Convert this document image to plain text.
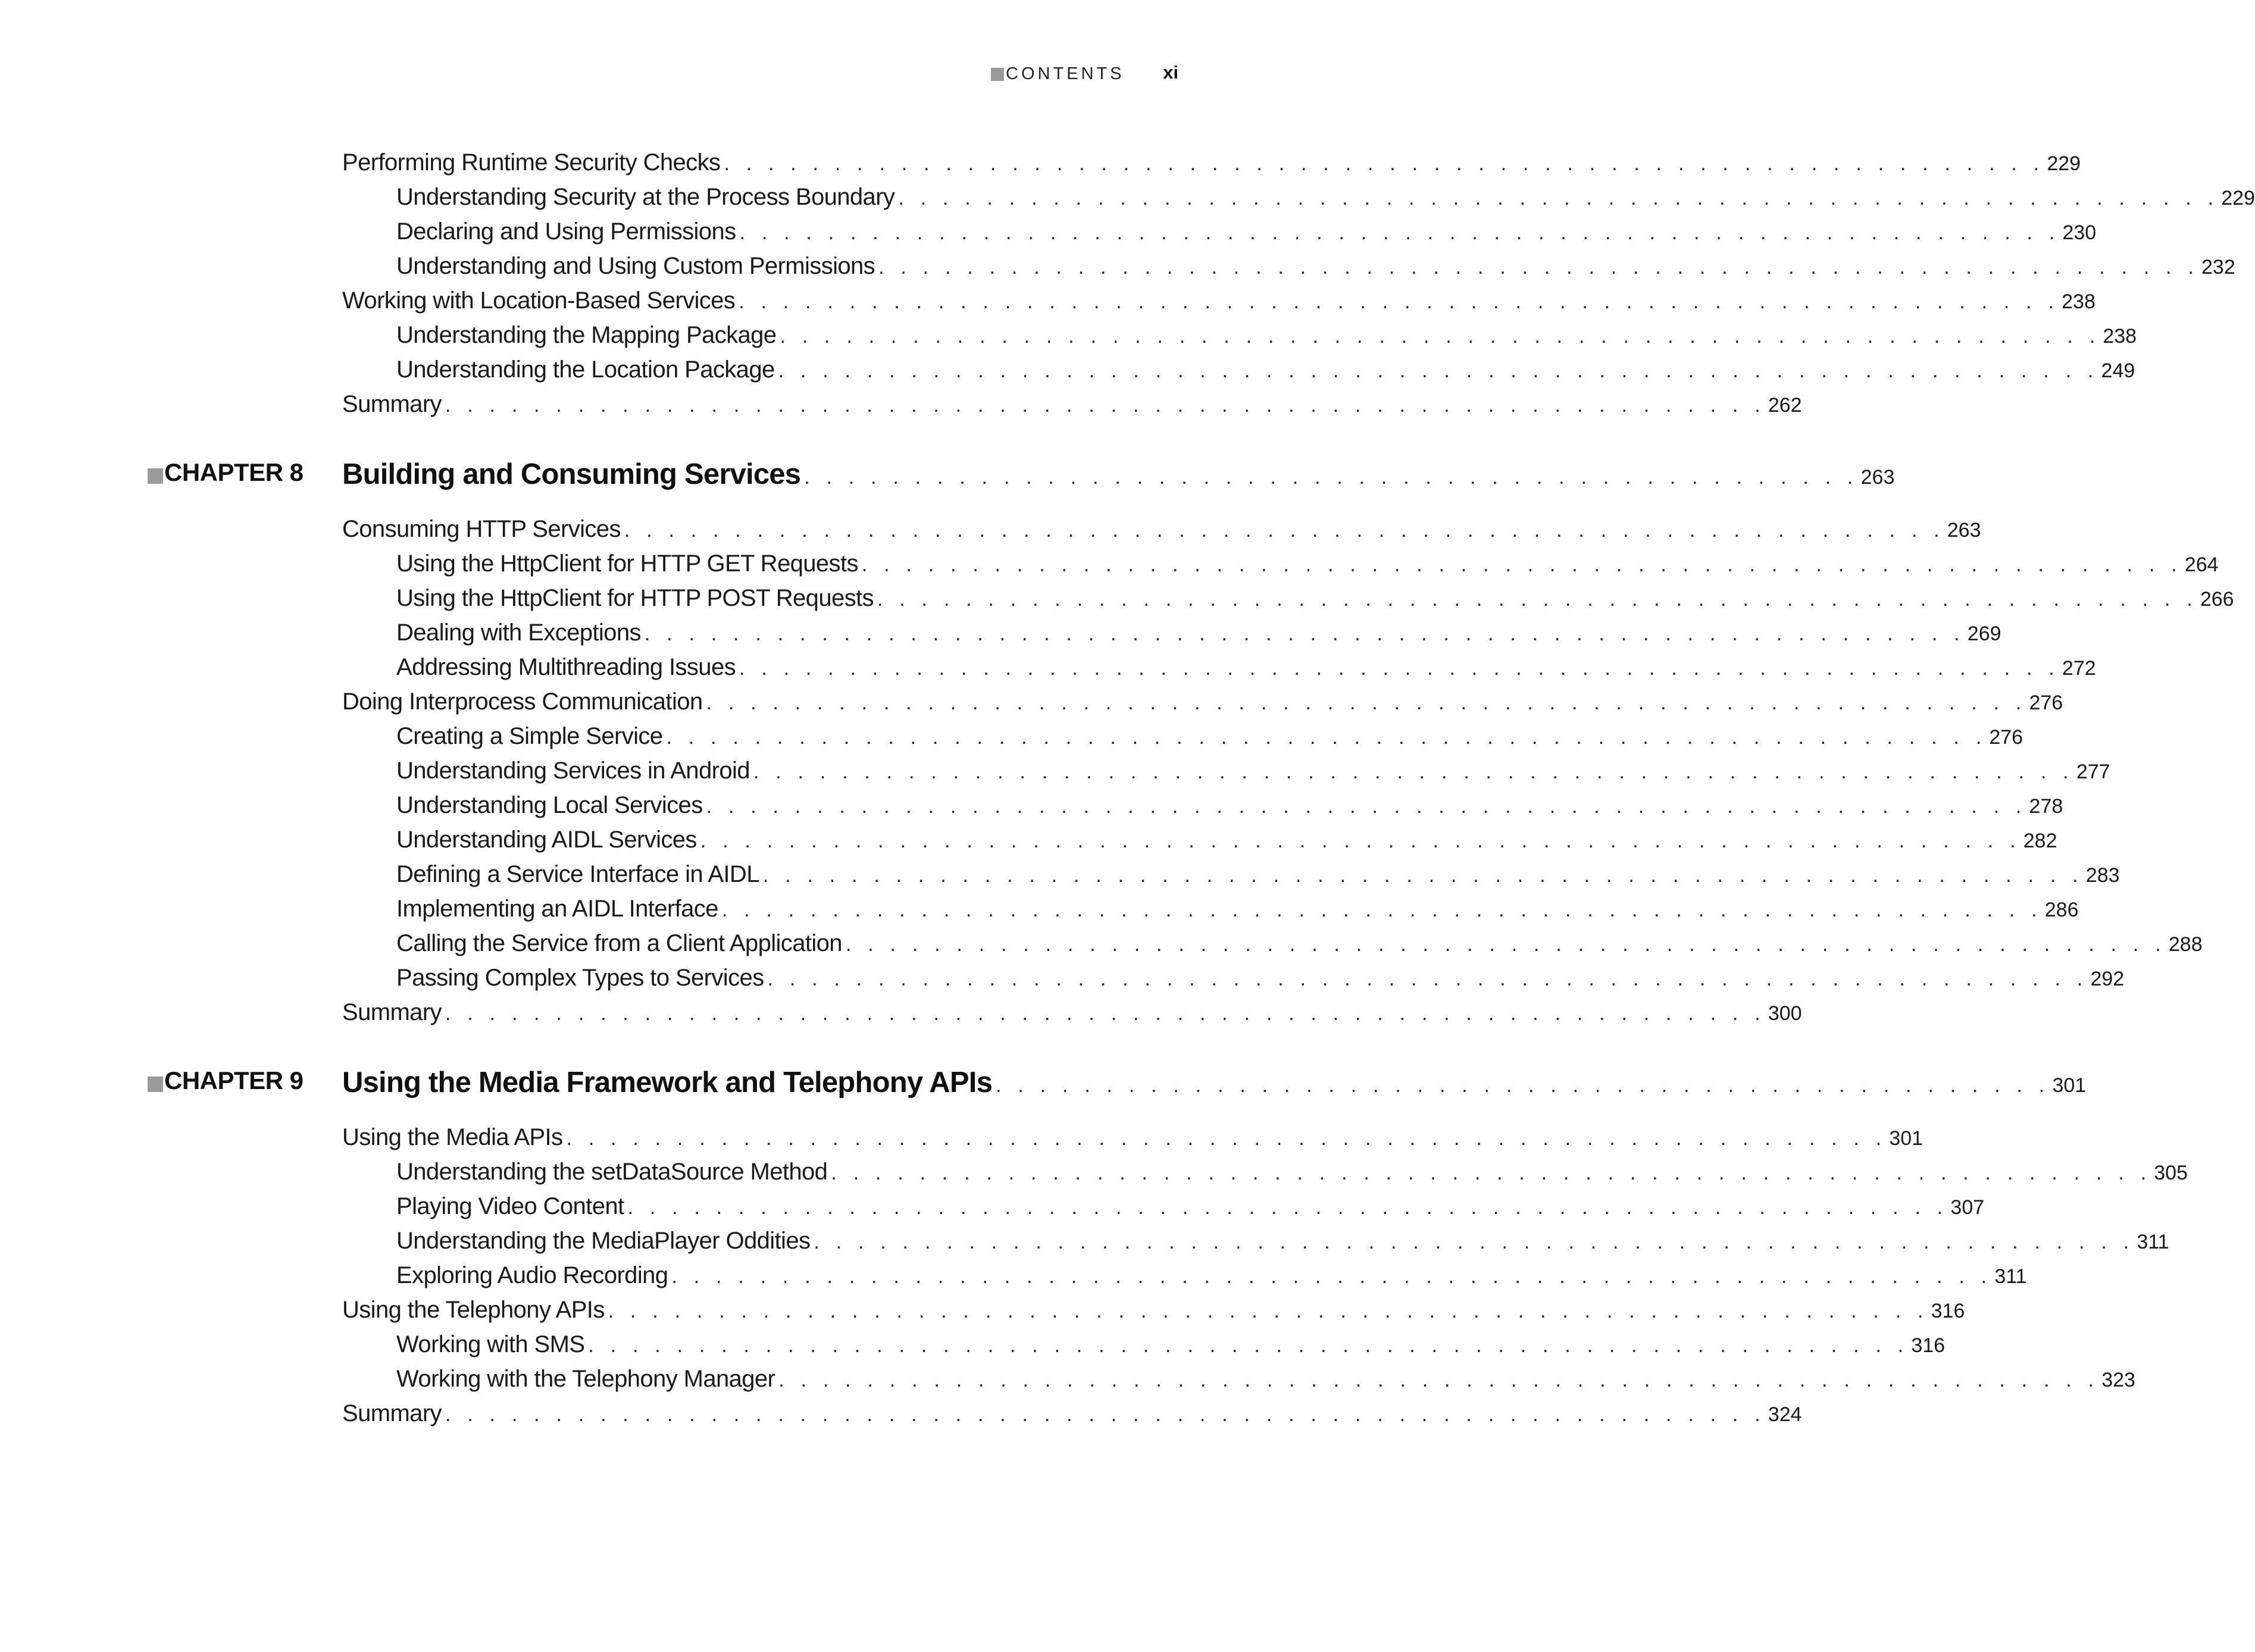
CONTENTS xi
Performing Runtime Security Checks . . . . . . . . . . . . . . . . . . . . . . . . . . . . . . . . . . . . . . . . . . . . . . . . . . . . . . . . . . . . 229
Understanding Security at the Process Boundary . . . . . . . . . . . . . . . . . . . . . . . . . . . . . . . . . . . . . . . . . . . . . . . . . . . . . . . . . . . . 229
Declaring and Using Permissions . . . . . . . . . . . . . . . . . . . . . . . . . . . . . . . . . . . . . . . . . . . . . . . . . . . . . . . . . . . . 230
Understanding and Using Custom Permissions . . . . . . . . . . . . . . . . . . . . . . . . . . . . . . . . . . . . . . . . . . . . . . . . . . . . . . . . . . . . 232
Working with Location-Based Services . . . . . . . . . . . . . . . . . . . . . . . . . . . . . . . . . . . . . . . . . . . . . . . . . . . . . . . . . . . . 238
Understanding the Mapping Package . . . . . . . . . . . . . . . . . . . . . . . . . . . . . . . . . . . . . . . . . . . . . . . . . . . . . . . . . . . . 238
Understanding the Location Package . . . . . . . . . . . . . . . . . . . . . . . . . . . . . . . . . . . . . . . . . . . . . . . . . . . . . . . . . . . . 249
Summary . . . . . . . . . . . . . . . . . . . . . . . . . . . . . . . . . . . . . . . . . . . . . . . . . . . . . . . . . . . . 262
CHAPTER 8 Building and Consuming Services . . . . . . . . . . . . . . . . . . . . . . . . . . . . . . . . . . . . . . . . . . . . . . . . 263
Consuming HTTP Services . . . . . . . . . . . . . . . . . . . . . . . . . . . . . . . . . . . . . . . . . . . . . . . . . . . . . . . . . . . . 263
Using the HttpClient for HTTP GET Requests . . . . . . . . . . . . . . . . . . . . . . . . . . . . . . . . . . . . . . . . . . . . . . . . . . . . . . . . . . . . 264
Using the HttpClient for HTTP POST Requests . . . . . . . . . . . . . . . . . . . . . . . . . . . . . . . . . . . . . . . . . . . . . . . . . . . . . . . . . . . . 266
Dealing with Exceptions . . . . . . . . . . . . . . . . . . . . . . . . . . . . . . . . . . . . . . . . . . . . . . . . . . . . . . . . . . . . 269
Addressing Multithreading Issues . . . . . . . . . . . . . . . . . . . . . . . . . . . . . . . . . . . . . . . . . . . . . . . . . . . . . . . . . . . . 272
Doing Interprocess Communication . . . . . . . . . . . . . . . . . . . . . . . . . . . . . . . . . . . . . . . . . . . . . . . . . . . . . . . . . . . . 276
Creating a Simple Service . . . . . . . . . . . . . . . . . . . . . . . . . . . . . . . . . . . . . . . . . . . . . . . . . . . . . . . . . . . . 276
Understanding Services in Android . . . . . . . . . . . . . . . . . . . . . . . . . . . . . . . . . . . . . . . . . . . . . . . . . . . . . . . . . . . . 277
Understanding Local Services . . . . . . . . . . . . . . . . . . . . . . . . . . . . . . . . . . . . . . . . . . . . . . . . . . . . . . . . . . . . 278
Understanding AIDL Services . . . . . . . . . . . . . . . . . . . . . . . . . . . . . . . . . . . . . . . . . . . . . . . . . . . . . . . . . . . . 282
Defining a Service Interface in AIDL . . . . . . . . . . . . . . . . . . . . . . . . . . . . . . . . . . . . . . . . . . . . . . . . . . . . . . . . . . . . 283
Implementing an AIDL Interface . . . . . . . . . . . . . . . . . . . . . . . . . . . . . . . . . . . . . . . . . . . . . . . . . . . . . . . . . . . . 286
Calling the Service from a Client Application . . . . . . . . . . . . . . . . . . . . . . . . . . . . . . . . . . . . . . . . . . . . . . . . . . . . . . . . . . . . 288
Passing Complex Types to Services . . . . . . . . . . . . . . . . . . . . . . . . . . . . . . . . . . . . . . . . . . . . . . . . . . . . . . . . . . . . 292
Summary . . . . . . . . . . . . . . . . . . . . . . . . . . . . . . . . . . . . . . . . . . . . . . . . . . . . . . . . . . . . 300
CHAPTER 9 Using the Media Framework and Telephony APIs . . . . . . . . . . . . . . . . . . . . . . . . . . . . . . . . . . . . . . . . . . . . . . . . 301
Using the Media APIs . . . . . . . . . . . . . . . . . . . . . . . . . . . . . . . . . . . . . . . . . . . . . . . . . . . . . . . . . . . . 301
Understanding the setDataSource Method . . . . . . . . . . . . . . . . . . . . . . . . . . . . . . . . . . . . . . . . . . . . . . . . . . . . . . . . . . . . 305
Playing Video Content . . . . . . . . . . . . . . . . . . . . . . . . . . . . . . . . . . . . . . . . . . . . . . . . . . . . . . . . . . . . 307
Understanding the MediaPlayer Oddities . . . . . . . . . . . . . . . . . . . . . . . . . . . . . . . . . . . . . . . . . . . . . . . . . . . . . . . . . . . . 311
Exploring Audio Recording . . . . . . . . . . . . . . . . . . . . . . . . . . . . . . . . . . . . . . . . . . . . . . . . . . . . . . . . . . . . 311
Using the Telephony APIs . . . . . . . . . . . . . . . . . . . . . . . . . . . . . . . . . . . . . . . . . . . . . . . . . . . . . . . . . . . . 316
Working with SMS . . . . . . . . . . . . . . . . . . . . . . . . . . . . . . . . . . . . . . . . . . . . . . . . . . . . . . . . . . . . 316
Working with the Telephony Manager . . . . . . . . . . . . . . . . . . . . . . . . . . . . . . . . . . . . . . . . . . . . . . . . . . . . . . . . . . . . 323
Summary . . . . . . . . . . . . . . . . . . . . . . . . . . . . . . . . . . . . . . . . . . . . . . . . . . . . . . . . . . . . 324
